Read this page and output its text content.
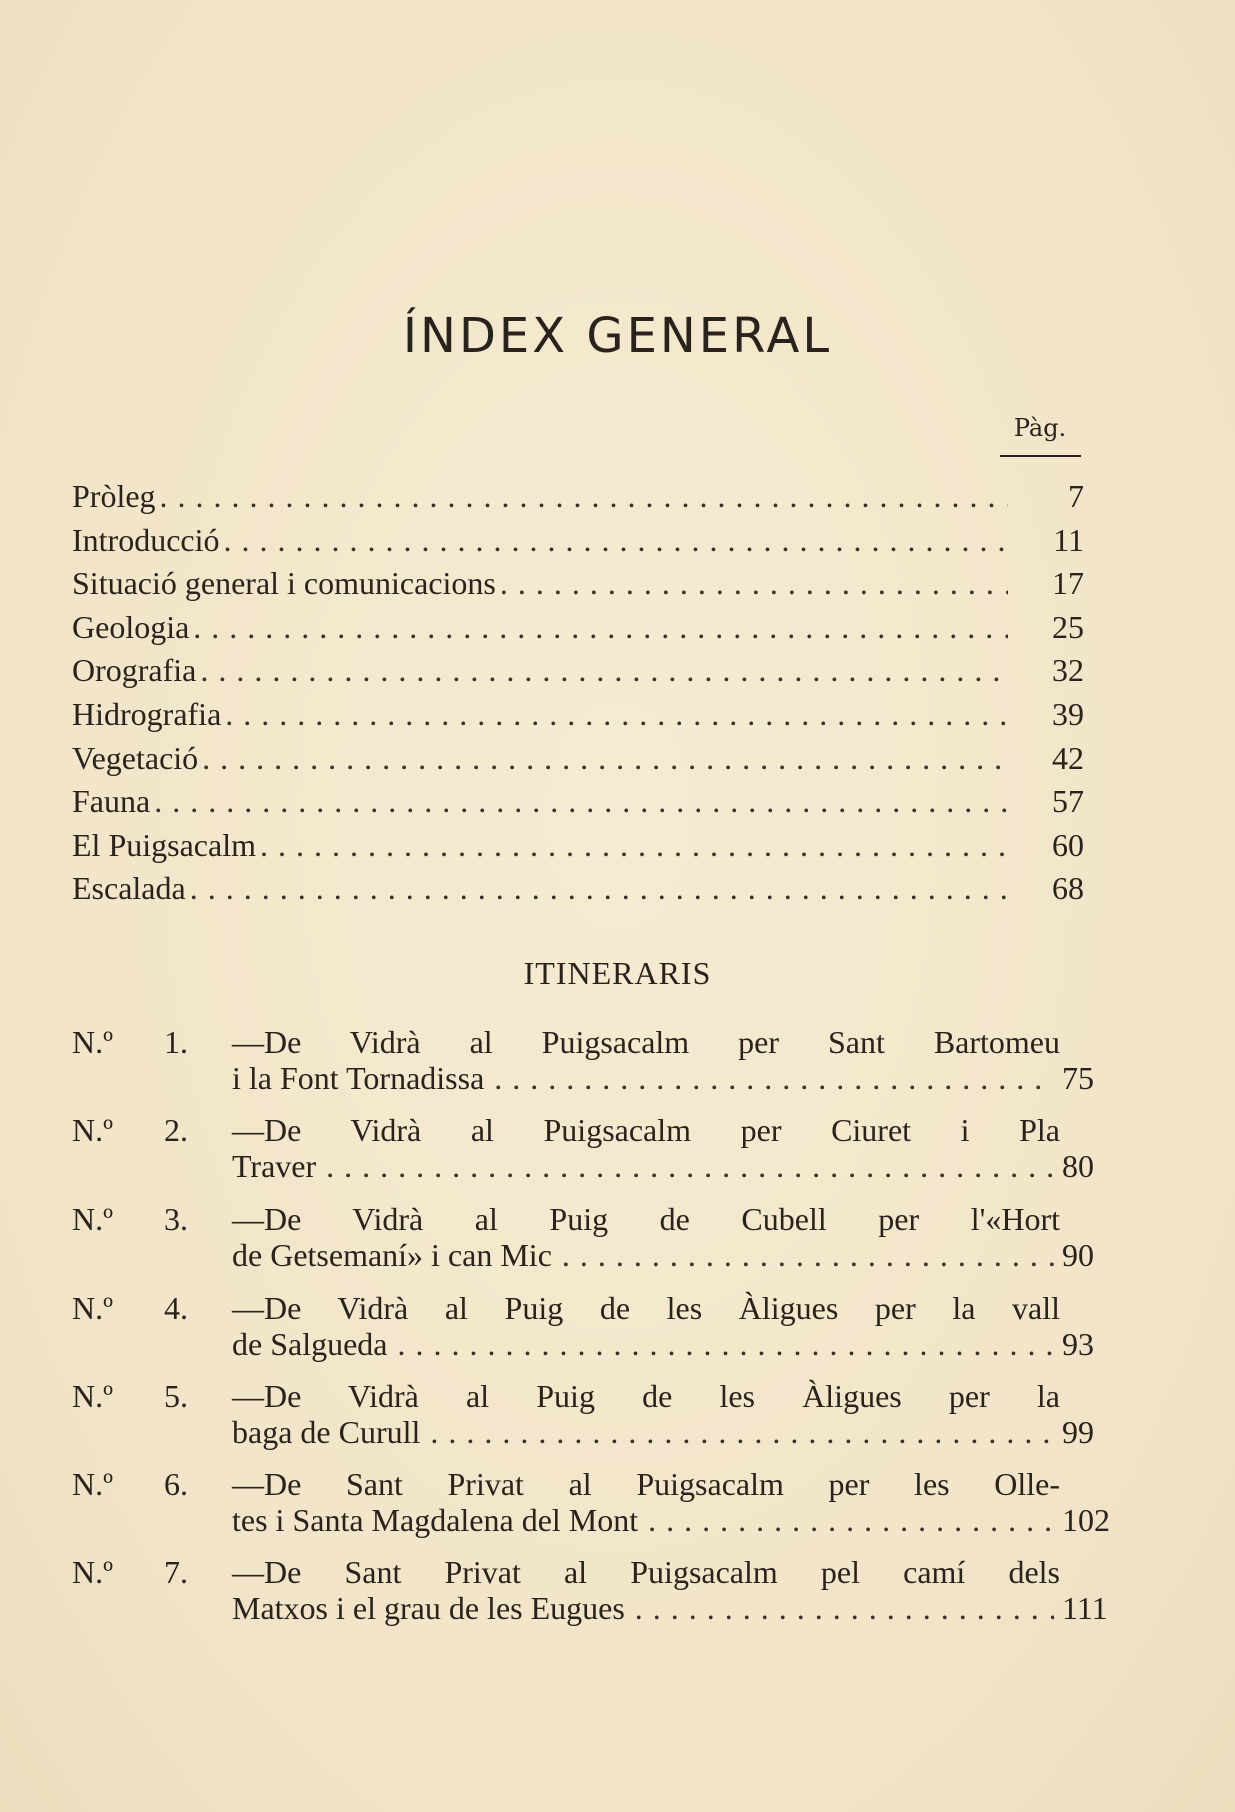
ÍNDEX GENERAL
Pàg.
Pròleg . . .	7
Introducció . . .	11
Situació general i comunicacions . . .	17
Geologia . . .	25
Orografia . . .	32
Hidrografia . . .	39
Vegetació . . .	42
Fauna . . .	57
El Puigsacalm . . .	60
Escalada . . .	68
ITINERARIS
N.º 1. —De Vidrà al Puigsacalm per Sant Bartomeu
i la Font Tornadissa . . .	75
N.º 2. —De Vidrà al Puigsacalm per Ciuret i Pla
Traver . . .	80
N.º 3. —De Vidrà al Puig de Cubell per l'«Hort
de Getsemaní» i can Mic . . .	90
N.º 4. —De Vidrà al Puig de les Àligues per la vall
de Salgueda . . .	93
N.º 5. —De Vidrà al Puig de les Àligues per la
baga de Curull . . .	99
N.º 6. —De Sant Privat al Puigsacalm per les Olle-
tes i Santa Magdalena del Mont . . .	102
N.º 7. —De Sant Privat al Puigsacalm pel camí dels
Matxos i el grau de les Eugues . . .	111
